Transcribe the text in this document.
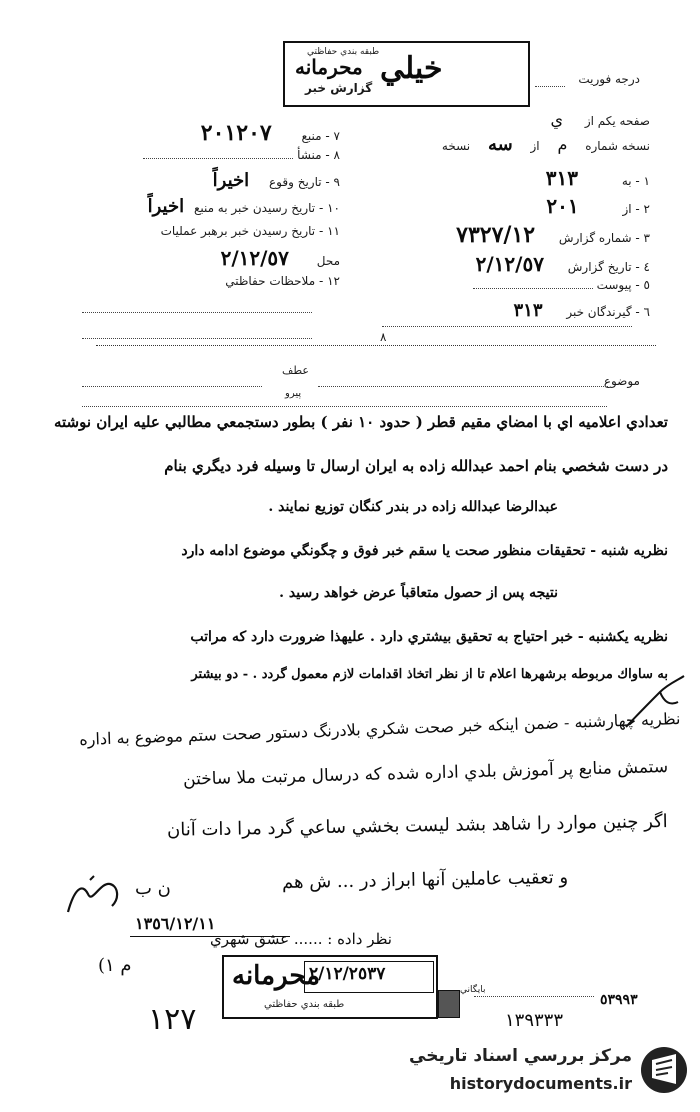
درجه فوريت
خيلي
محرمانه
طبقه بندي حفاظتي
گزارش خبر
صفحه يكم از ي
نسخه شماره م از سه نسخه
١ - به ٣١٣
٢ - از ٢٠١
٣ - شماره گزارش ٧٣٢٧/١٢
٤ - تاريخ گزارش ٢/١٢/٥٧
٥ - پيوست
٦ - گيرندگان خبر ٣١٣
٧ - منبع ٢٠١٢٠٧
٨ - منشأ
٩ - تاريخ وقوع اخيراً
١٠ - تاريخ رسيدن خبر به منبع اخيراً
١١ - تاريخ رسيدن خبر برهبر عمليات
محل ٢/١٢/٥٧
١٢ - ملاحظات حفاظتي
٨
موضوع
عطف
پيرو
تعدادي اعلاميه اي با امضاي مقيم قطر ( حدود ١٠ نفر ) بطور دستجمعي مطالبي عليه ايران نوشته
در دست شخصي بنام احمد عبدالله زاده به ايران ارسال تا وسيله فرد ديگري بنام
عبدالرضا عبدالله زاده در بندر كنگان توزيع نمايند .
نظريه شنبه - تحقيقات منظور صحت يا سقم خبر فوق و چگونگي موضوع ادامه دارد
نتيجه پس از حصول متعاقباً عرض خواهد رسيد .
نظريه يكشنبه - خبر احتياج به تحقيق بيشتري دارد . عليهذا ضرورت دارد كه مراتب
به ساواك مربوطه برشهرها اعلام تا از نظر اتخاذ اقدامات لازم معمول گردد . - دو بيشتر
نظريه چهارشنبه - ضمن اينكه خبر صحت شكري بلادرنگ دستور صحت ستم موضوع به اداره
ستمش منابع پر آموزش بلدي اداره شده كه درسال مرتبت ملا ساختن
اگر چنين موارد را شاهد بشد ليست بخشي ساعي گرد مرا دات آنان
و تعقيب عاملين آنها ابراز در ... ش هم
ن ب
١٣٥٦/١٢/١١
نظر داده : ...... عشق شهري
م ١)
١٢٧
محرمانه
٢/١٢/٢٥٣٧
طبقه بندي حفاظتي
بايگاني
٥٣٩٩٣
١٣٩٣٣٣
مركز بررسي اسناد تاريخي
historydocuments.ir
